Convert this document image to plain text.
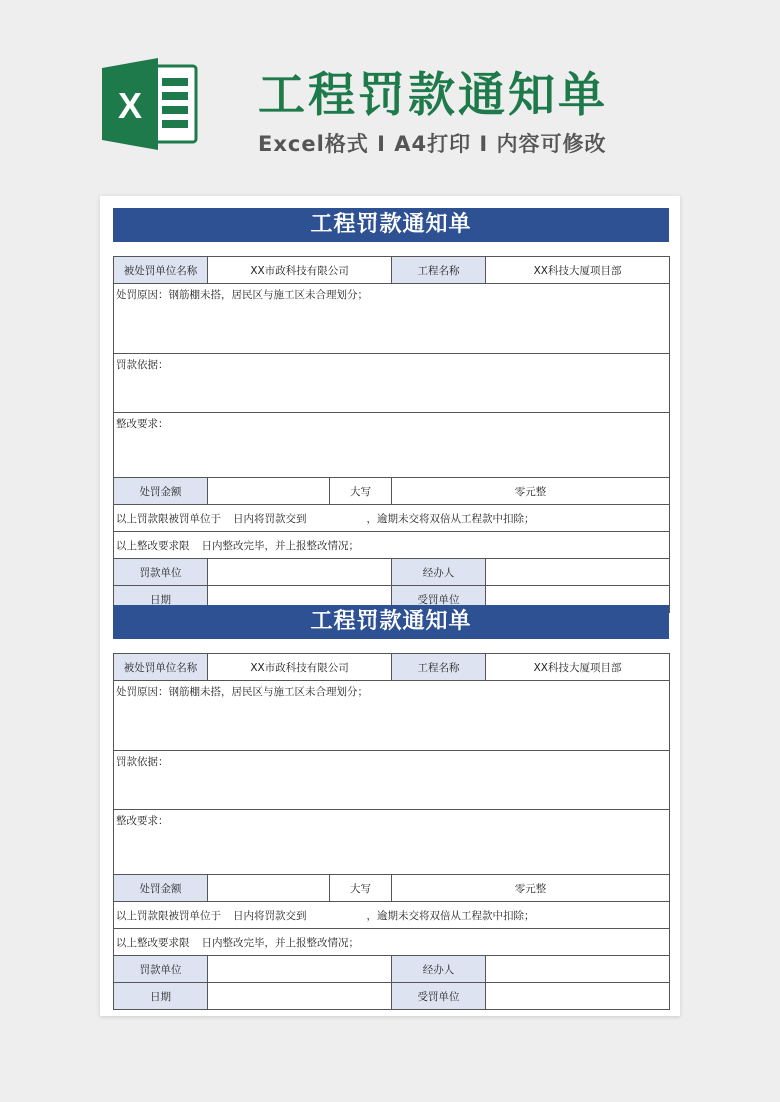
X 工程罚款通知单
Excel格式 I A4打印 I 内容可修改
工程罚款通知单
被处罚单位名称	XX市政科技有限公司		工程名称	XX科技大厦项目部
处罚原因：钢筋棚未搭，居民区与施工区未合理划分；				
罚款依据：				
整改要求：				
处罚金额		大写	零元整	
以上罚款限被罚单位于 日内将罚款交到 ，逾期未交将双倍从工程款中扣除；				
以上整改要求限 日内整改完毕，并上报整改情况；				
罚款单位			经办人	
日期			受罚单位	
工程罚款通知单
被处罚单位名称	XX市政科技有限公司		工程名称	XX科技大厦项目部
处罚原因：钢筋棚未搭，居民区与施工区未合理划分；				
罚款依据：				
整改要求：				
处罚金额		大写	零元整	
以上罚款限被罚单位于 日内将罚款交到 ，逾期未交将双倍从工程款中扣除；				
以上整改要求限 日内整改完毕，并上报整改情况；				
罚款单位			经办人	
日期			受罚单位	
